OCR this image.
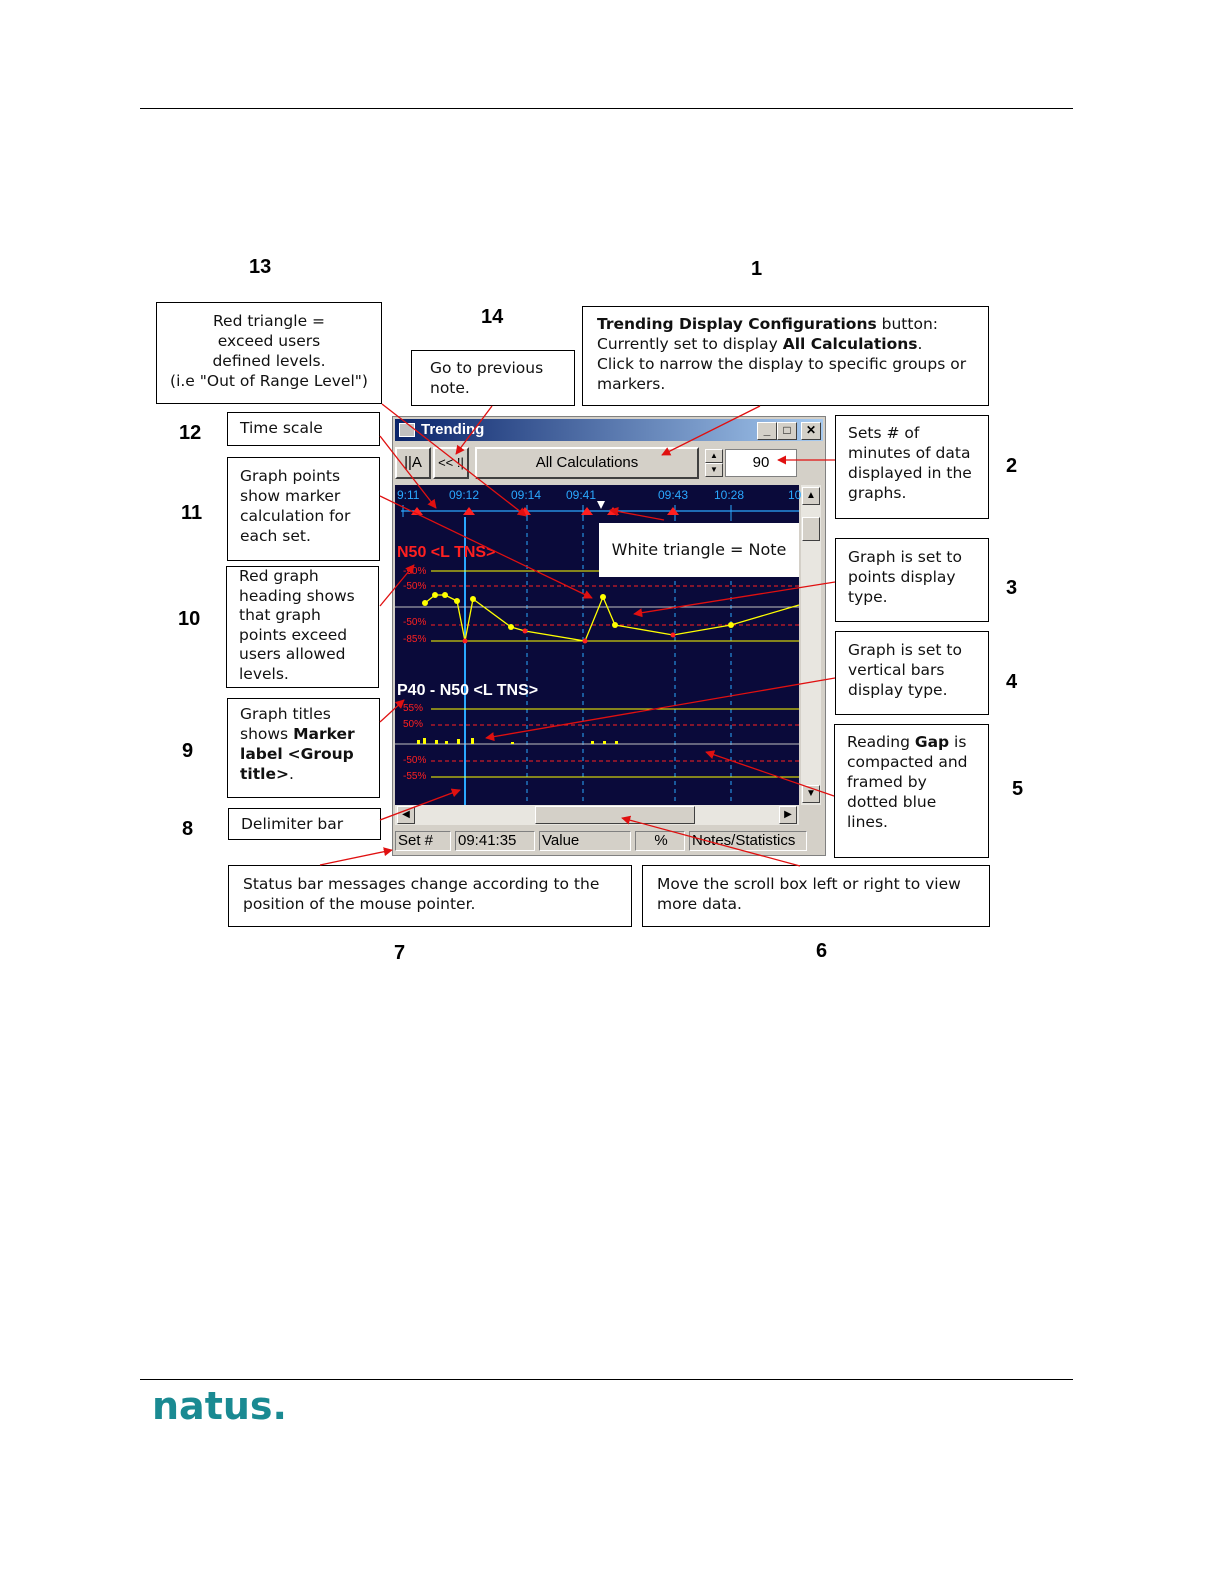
13	1
14
12
2
11
3
10
4
9
5
8
7	6
Red triangle =
exceed users
defined levels.
(i.e "Out of Range Level")
Go to previous note.
Trending Display Configurations button:
Currently set to display All Calculations.
Click to narrow the display to specific groups or markers.
Time scale
Graph points show marker calculation for each set.
Red graph heading shows that graph points exceed users allowed levels.
Graph titles shows Marker label <Group title>.
Delimiter bar
Sets # of minutes of data displayed in the graphs.
Graph is set to points display type.
Graph is set to vertical bars display type.
Reading Gap is compacted and framed by dotted blue lines.
Status bar messages change according to the position of the mouse pointer.
Move the scroll box left or right to view more data.
Trending	_	□	✕
||A	<< !|	All Calculations	▲
▼	90
9:11 09:12	09:14 09:41	09:43 10:28	10
N50 <L TNS>
-90%
-50%
-50%
-85%
P40 - N50 <L TNS>
55%
50%
-50%
-55%
White triangle = Note
▲
▼
◀	▶
Set #	09:41:35	Value	%	Notes/Statistics
natus.
